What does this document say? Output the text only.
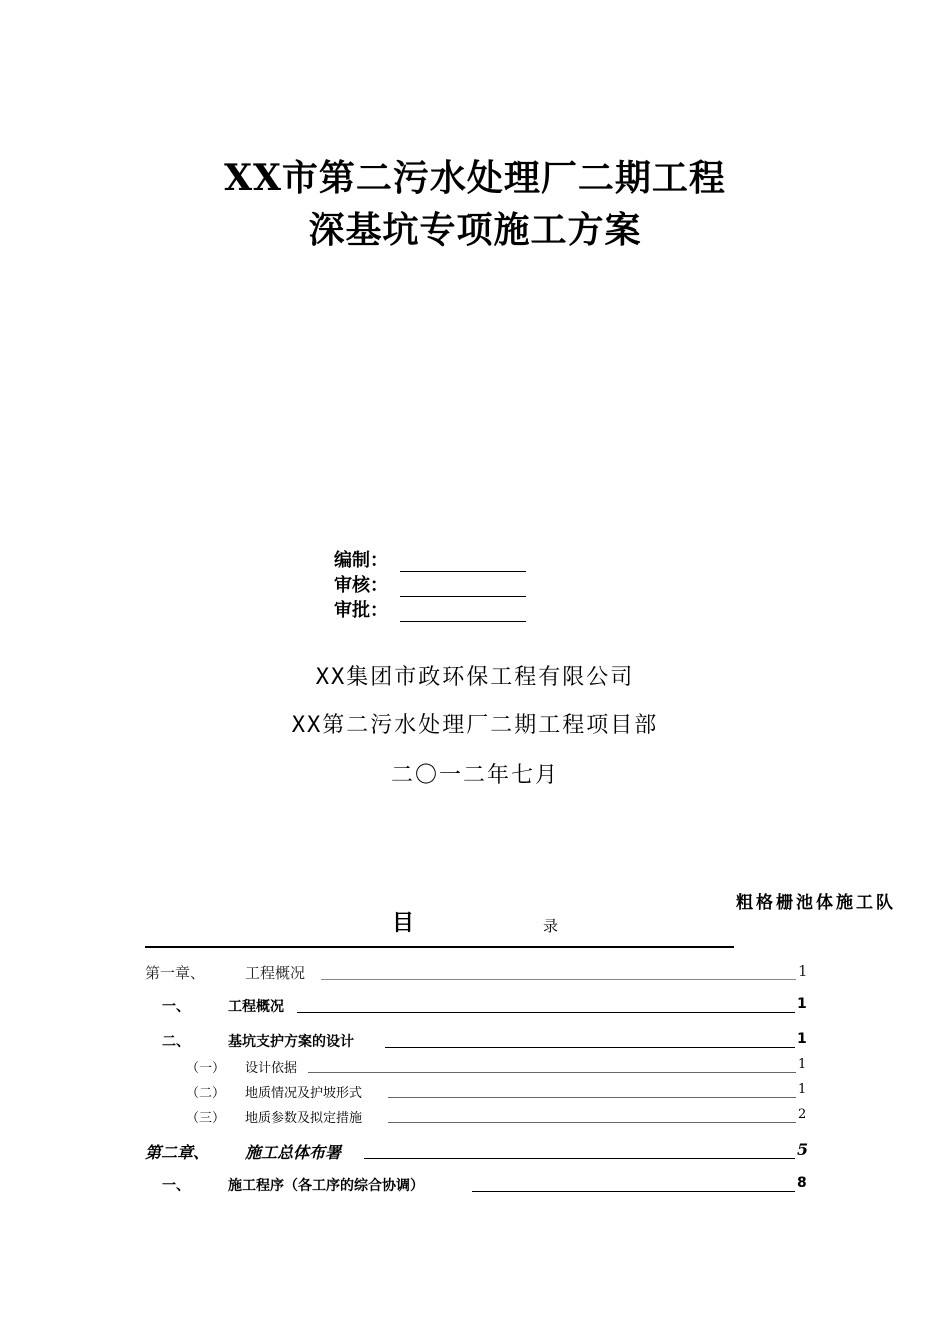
XX市第二污水处理厂二期工程
深基坑专项施工方案
编制：
审核：
审批：
XX集团市政环保工程有限公司
XX第二污水处理厂二期工程项目部
二〇一二年七月
粗格栅池体施工队
目	录
第一章、	工程概况	1
一、	工程概况	1
二、	基坑支护方案的设计	1
（一） 设计依据	1
（二） 地质情况及护坡形式	1
（三） 地质参数及拟定措施	2
第二章、 施工总体布署	5
一、	施工程序（各工序的综合协调）	8
